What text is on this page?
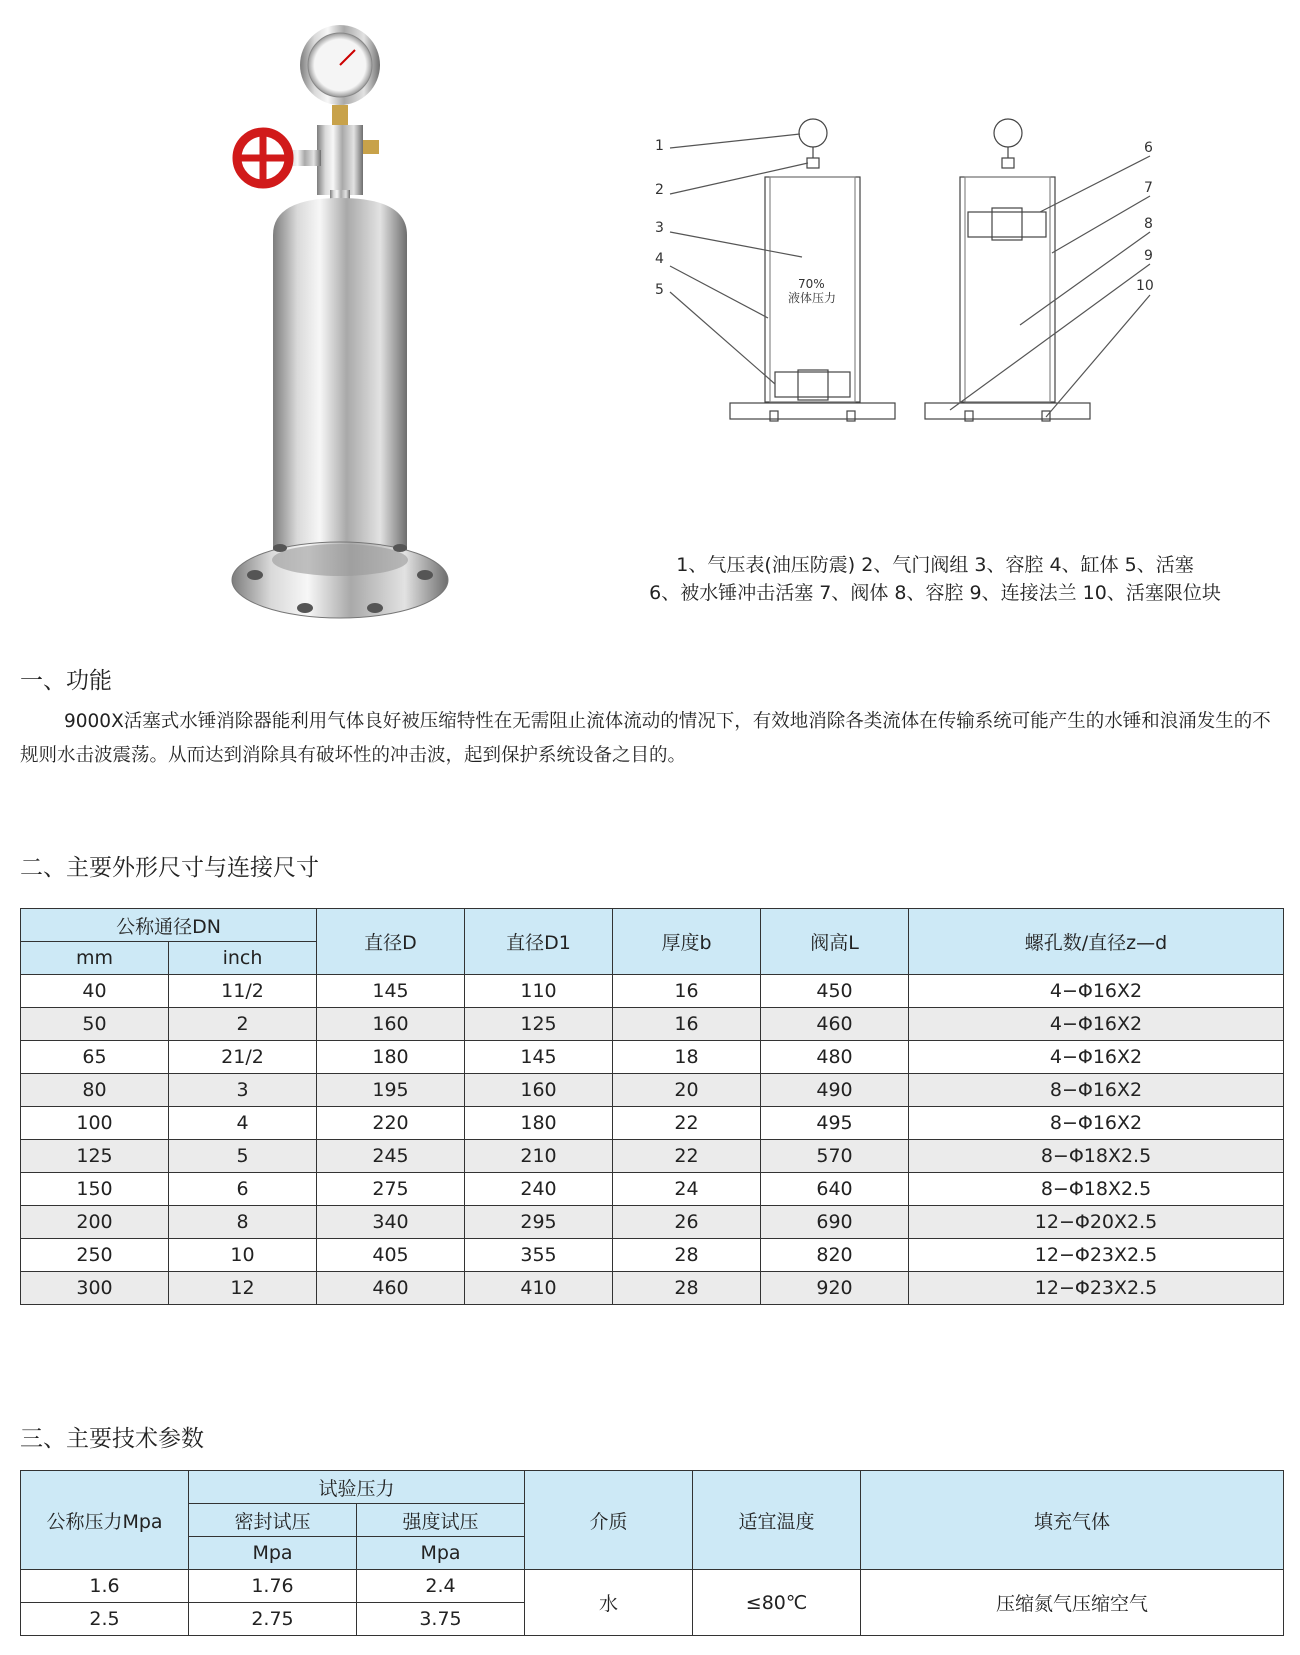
1
2
3
4
5
6
7
8
9
10
70%
液体压力
1、气压表(油压防震) 2、气门阀组 3、容腔 4、缸体 5、活塞
6、被水锤冲击活塞 7、阀体 8、容腔 9、连接法兰 10、活塞限位块
一、功能
9000X活塞式水锤消除器能利用气体良好被压缩特性在无需阻止流体流动的情况下，有效地消除各类流体在传输系统可能产生的水锤和浪涌发生的不规则水击波震荡。从而达到消除具有破坏性的冲击波，起到保护系统设备之目的。
二、主要外形尺寸与连接尺寸
公称通径DN		直径D	直径D1	厚度b	阀高L	螺孔数/直径z—d
mm	inch					
40	11/2	145	110	16	450	4−Φ16X2
50	2	160	125	16	460	4−Φ16X2
65	21/2	180	145	18	480	4−Φ16X2
80	3	195	160	20	490	8−Φ16X2
100	4	220	180	22	495	8−Φ16X2
125	5	245	210	22	570	8−Φ18X2.5
150	6	275	240	24	640	8−Φ18X2.5
200	8	340	295	26	690	12−Φ20X2.5
250	10	405	355	28	820	12−Φ23X2.5
300	12	460	410	28	920	12−Φ23X2.5
三、主要技术参数
公称压力Mpa	试验压力		介质	适宜温度	填充气体
	密封试压	强度试压			
	Mpa	Mpa			
1.6	1.76	2.4	水	≤80℃	压缩氮气压缩空气
2.5	2.75	3.75			
